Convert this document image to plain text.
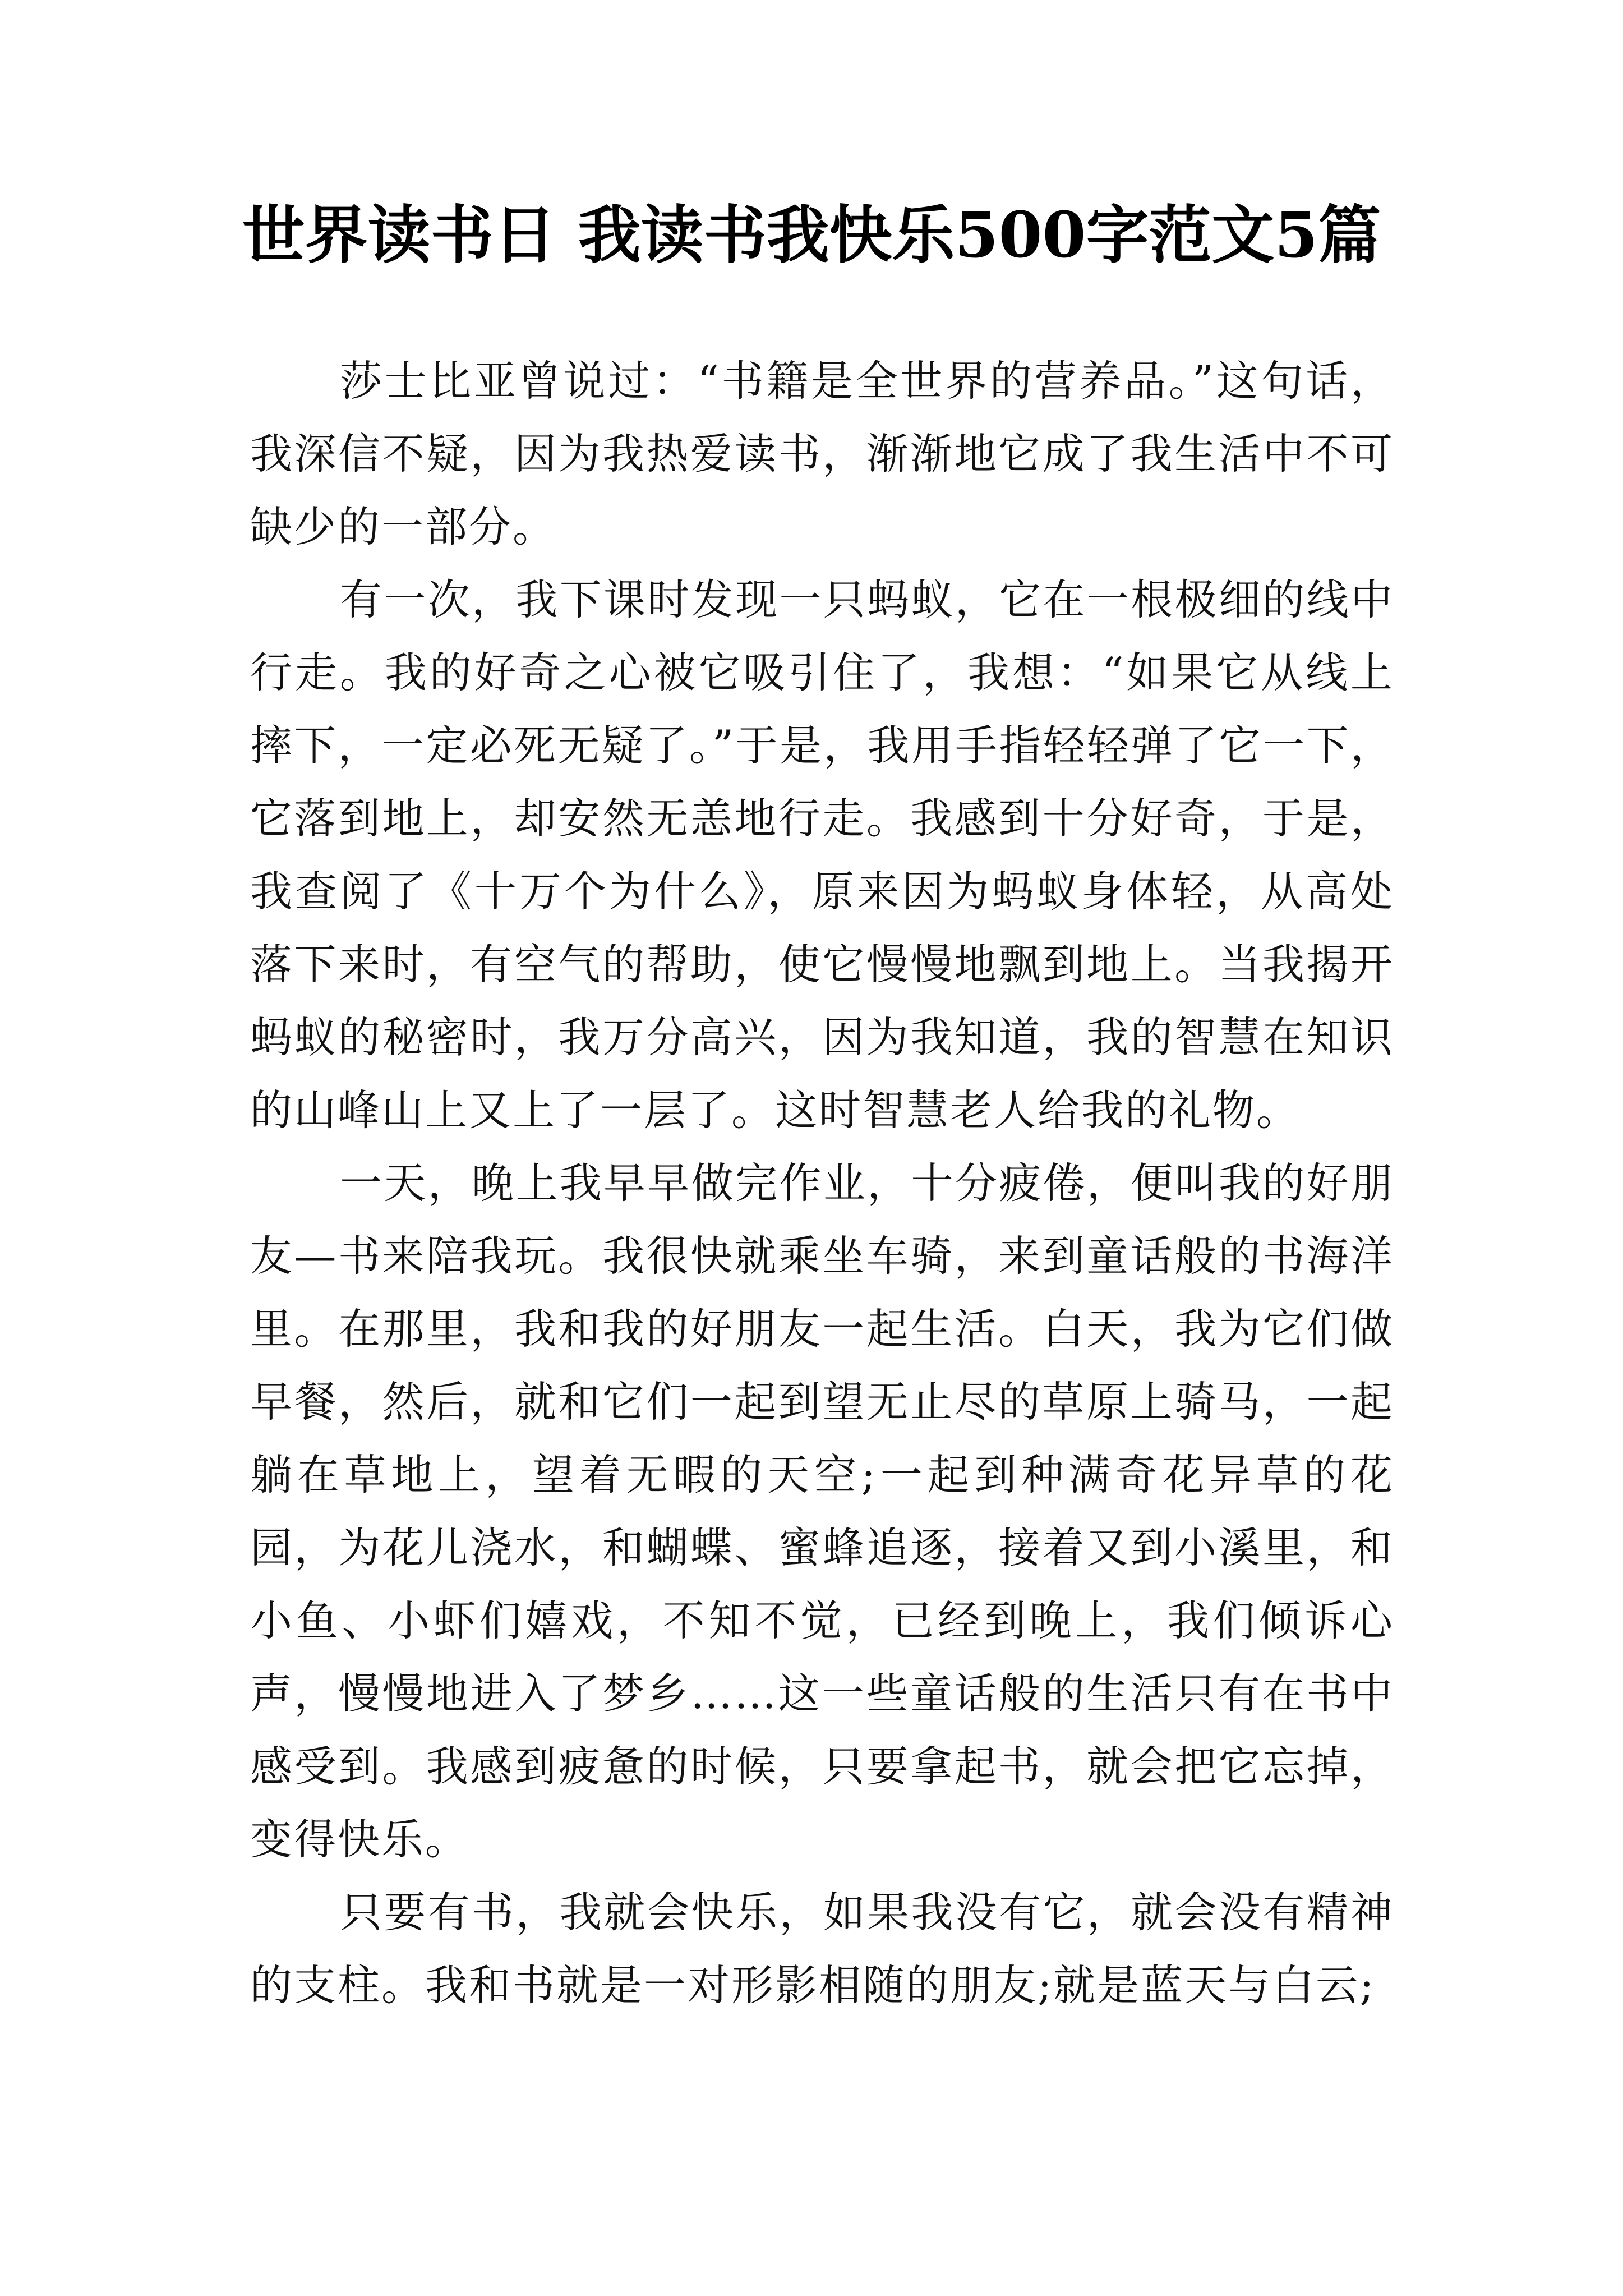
世界读书日 我读书我快乐500字范文5篇

莎士比亚曾说过：“书籍是全世界的营养品。”这句话，我深信不疑，因为我热爱读书，渐渐地它成了我生活中不可缺少的一部分。

有一次，我下课时发现一只蚂蚁，它在一根极细的线中行走。我的好奇之心被它吸引住了，我想：“如果它从线上摔下，一定必死无疑了。”于是，我用手指轻轻弹了它一下，它落到地上，却安然无恙地行走。我感到十分好奇，于是，我查阅了《十万个为什么》，原来因为蚂蚁身体轻，从高处落下来时，有空气的帮助，使它慢慢地飘到地上。当我揭开蚂蚁的秘密时，我万分高兴，因为我知道，我的智慧在知识的山峰山上又上了一层了。这时智慧老人给我的礼物。

一天，晚上我早早做完作业，十分疲倦，便叫我的好朋友—书来陪我玩。我很快就乘坐车骑，来到童话般的书海洋里。在那里，我和我的好朋友一起生活。白天，我为它们做早餐，然后，就和它们一起到望无止尽的草原上骑马，一起躺在草地上，望着无暇的天空;一起到种满奇花异草的花园，为花儿浇水，和蝴蝶、蜜蜂追逐，接着又到小溪里，和小鱼、小虾们嬉戏，不知不觉，已经到晚上，我们倾诉心声，慢慢地进入了梦乡……这一些童话般的生活只有在书中感受到。我感到疲惫的时候，只要拿起书，就会把它忘掉，变得快乐。

只要有书，我就会快乐，如果我没有它，就会没有精神的支柱。我和书就是一对形影相随的朋友;就是蓝天与白云;
